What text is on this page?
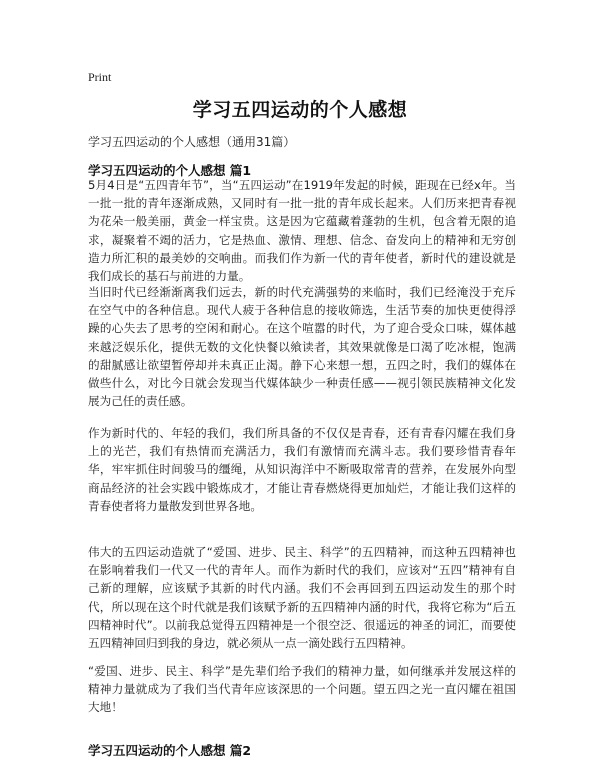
Print
学习五四运动的个人感想
学习五四运动的个人感想（通用31篇）
学习五四运动的个人感想 篇1

5月4日是“五四青年节”，当“五四运动”在1919年发起的时候，距现在已经x年。当一批一批的青年逐渐成熟，又同时有一批一批的青年成长起来。人们历来把青春视为花朵一般美丽，黄金一样宝贵。这是因为它蕴藏着蓬勃的生机，包含着无限的追求，凝聚着不竭的活力，它是热血、激情、理想、信念、奋发向上的精神和无穷创造力所汇积的最美妙的交响曲。而我们作为新一代的青年使者，新时代的建设就是我们成长的基石与前进的力量。

当旧时代已经渐渐离我们远去，新的时代充满强势的来临时，我们已经淹没于充斥在空气中的各种信息。现代人疲于各种信息的接收筛选，生活节奏的加快更使得浮躁的心失去了思考的空闲和耐心。在这个喧嚣的时代，为了迎合受众口味，媒体越来越泛娱乐化，提供无数的文化快餐以飨读者，其效果就像是口渴了吃冰棍，饱满的甜腻感让欲望暂停却并未真正止渴。静下心来想一想，五四之时，我们的媒体在做些什么，对比今日就会发现当代媒体缺少一种责任感——视引领民族精神文化发展为己任的责任感。

作为新时代的、年轻的我们，我们所具备的不仅仅是青春，还有青春闪耀在我们身上的光芒，我们有热情而充满活力，我们有激情而充满斗志。我们要珍惜青春年华，牢牢抓住时间骏马的缰绳，从知识海洋中不断吸取常青的营养，在发展外向型商品经济的社会实践中锻炼成才，才能让青春燃烧得更加灿烂，才能让我们这样的青春使者将力量散发到世界各地。

伟大的五四运动造就了“爱国、进步、民主、科学”的五四精神，而这种五四精神也在影响着我们一代又一代的青年人。而作为新时代的我们，应该对“五四”精神有自己新的理解，应该赋予其新的时代内涵。我们不会再回到五四运动发生的那个时代，所以现在这个时代就是我们该赋予新的五四精神内涵的时代，我将它称为“后五四精神时代”。以前我总觉得五四精神是一个很空泛、很遥远的神圣的词汇，而要使五四精神回归到我的身边，就必须从一点一滴处践行五四精神。

“爱国、进步、民主、科学”是先辈们给予我们的精神力量，如何继承并发展这样的精神力量就成为了我们当代青年应该深思的一个问题。望五四之光一直闪耀在祖国大地！

学习五四运动的个人感想 篇2
